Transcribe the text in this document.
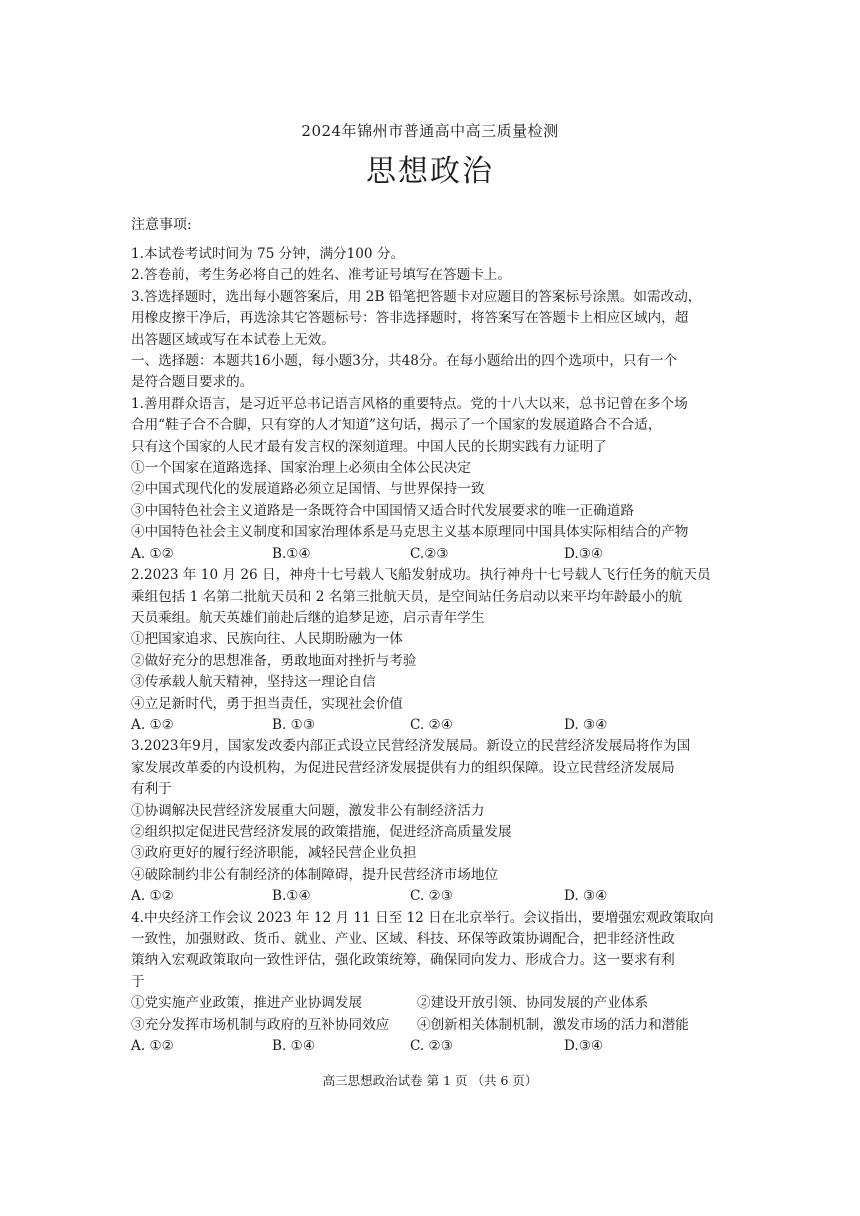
2024年锦州市普通高中高三质量检测
思想政治
注意事项:
1.本试卷考试时间为 75 分钟，满分100 分。
2.答卷前，考生务必将自己的姓名、准考证号填写在答题卡上。
3.答选择题时，选出每小题答案后，用 2B 铅笔把答题卡对应题目的答案标号涂黑。如需改动，
用橡皮擦干净后，再选涂其它答题标号：答非选择题时，将答案写在答题卡上相应区域内，超
出答题区域或写在本试卷上无效。
一、选择题：本题共16小题，每小题3分，共48分。在每小题给出的四个选项中，只有一个
是符合题目要求的。
1.善用群众语言，是习近平总书记语言风格的重要特点。党的十八大以来，总书记曾在多个场
合用“鞋子合不合脚，只有穿的人才知道”这句话，揭示了一个国家的发展道路合不合适，
只有这个国家的人民才最有发言权的深刻道理。中国人民的长期实践有力证明了
①一个国家在道路选择、国家治理上必须由全体公民决定
②中国式现代化的发展道路必须立足国情、与世界保持一致
③中国特色社会主义道路是一条既符合中国国情又适合时代发展要求的唯一正确道路
④中国特色社会主义制度和国家治理体系是马克思主义基本原理同中国具体实际相结合的产物
A. ①②	B.①④	C.②③	D.③④
2.2023 年 10 月 26 日，神舟十七号载人飞船发射成功。执行神舟十七号载人飞行任务的航天员
乘组包括 1 名第二批航天员和 2 名第三批航天员，是空间站任务启动以来平均年龄最小的航
天员乘组。航天英雄们前赴后继的追梦足迹，启示青年学生
①把国家追求、民族向往、人民期盼融为一体
②做好充分的思想准备，勇敢地面对挫折与考验
③传承载人航天精神，坚持这一理论自信
④立足新时代，勇于担当责任，实现社会价值
A. ①②	B. ①③	C. ②④	D. ③④
3.2023年9月，国家发改委内部正式设立民营经济发展局。新设立的民营经济发展局将作为国
家发展改革委的内设机构，为促进民营经济发展提供有力的组织保障。设立民营经济发展局
有利于
①协调解决民营经济发展重大问题，激发非公有制经济活力
②组织拟定促进民营经济发展的政策措施，促进经济高质量发展
③政府更好的履行经济职能，减轻民营企业负担
④破除制约非公有制经济的体制障碍，提升民营经济市场地位
A. ①②	B.①④	C. ②③	D. ③④
4.中央经济工作会议 2023 年 12 月 11 日至 12 日在北京举行。会议指出，要增强宏观政策取向
一致性，加强财政、货币、就业、产业、区域、科技、环保等政策协调配合，把非经济性政
策纳入宏观政策取向一致性评估，强化政策统筹，确保同向发力、形成合力。这一要求有利
于
①党实施产业政策，推进产业协调发展	②建设开放引领、协同发展的产业体系
③充分发挥市场机制与政府的互补协同效应	④创新相关体制机制，激发市场的活力和潜能
A. ①②	B. ①④	C. ②③	D.③④
高三思想政治试卷 第 1 页 （共 6 页）
